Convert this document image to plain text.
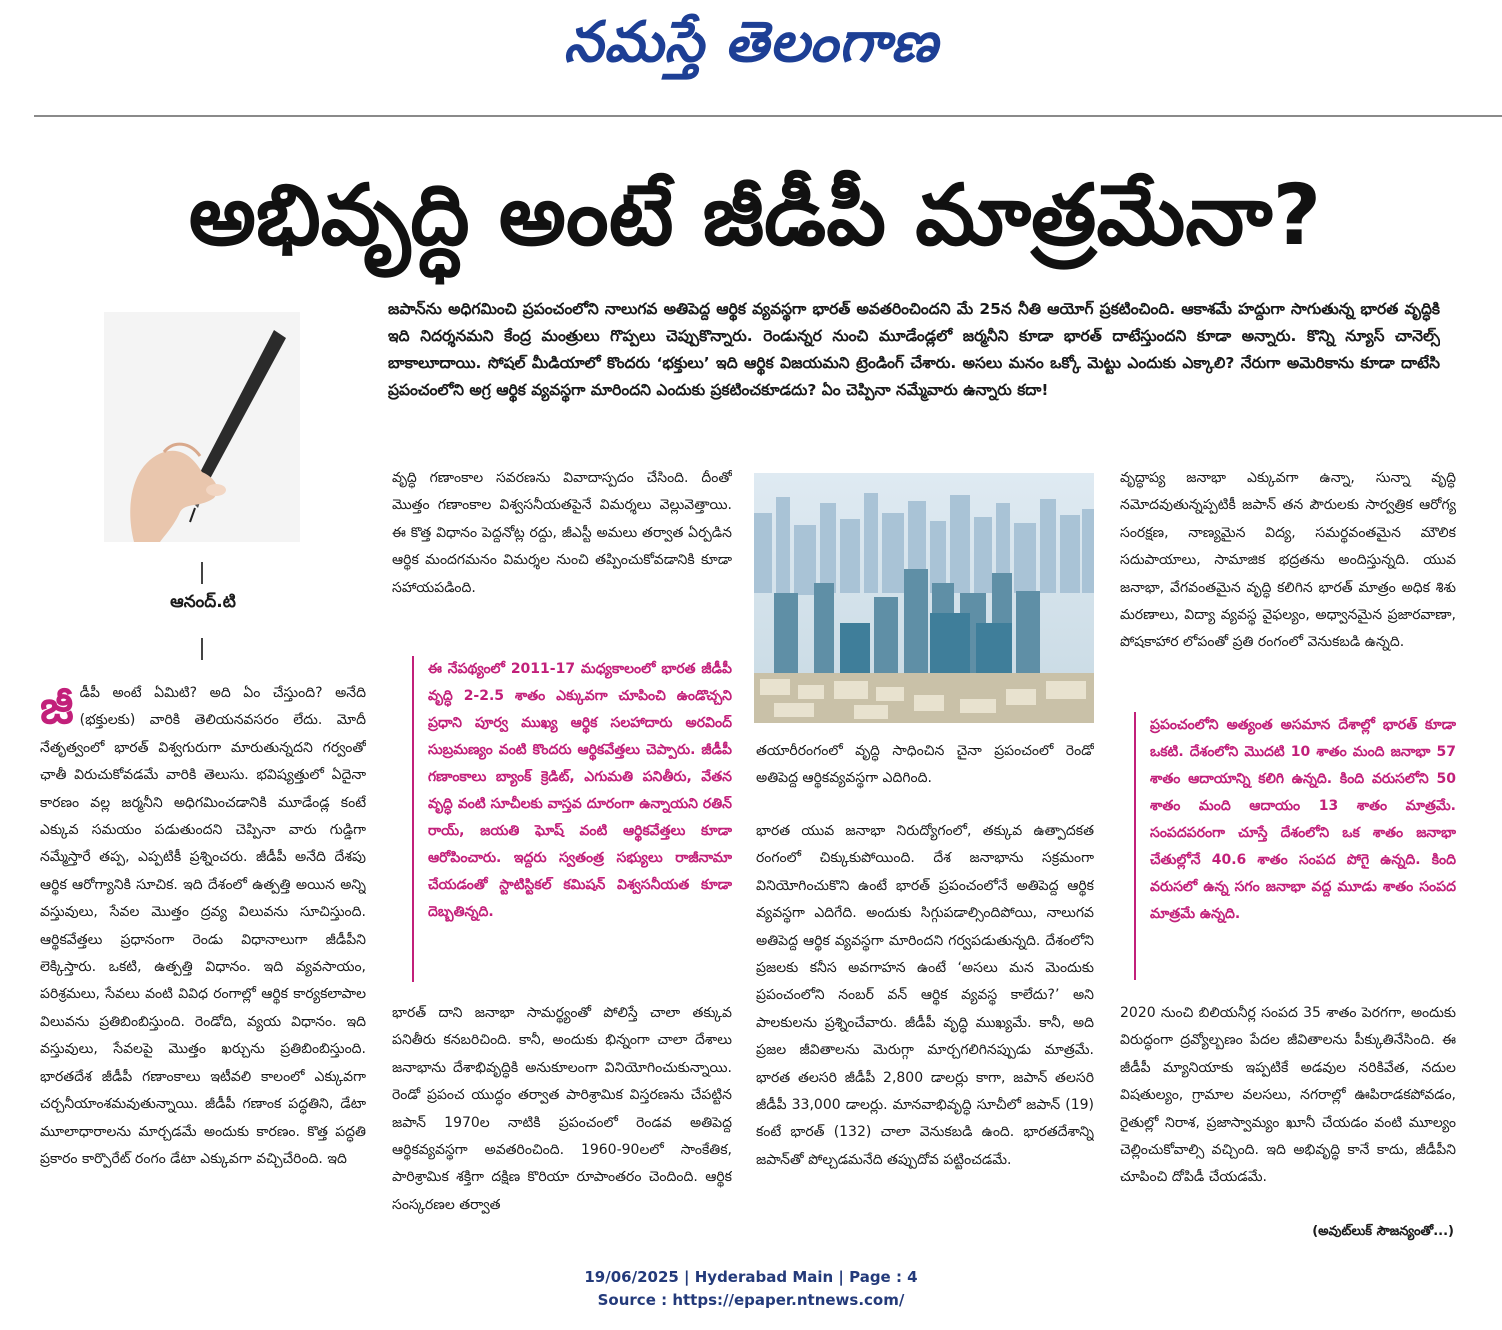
నమస్తే తెలంగాణ
అభివృద్ధి అంటే జీడీపీ మాత్రమేనా?
ఆనంద్.టి
జపాన్‌ను అధిగమించి ప్రపంచంలోని నాలుగవ అతిపెద్ద ఆర్థిక వ్యవస్థగా భారత్ అవతరించిందని మే 25న నీతి ఆయోగ్ ప్రకటించింది. ఆకాశమే హద్దుగా సాగుతున్న భారత వృద్ధికి ఇది నిదర్శనమని కేంద్ర మంత్రులు గొప్పలు చెప్పుకొన్నారు. రెండున్నర నుంచి మూడేండ్లలో జర్మనీని కూడా భారత్ దాటేస్తుందని కూడా అన్నారు. కొన్ని న్యూస్ చానెల్స్ బాకాలూదాయి. సోషల్ మీడియాలో కొందరు ‘భక్తులు’ ఇది ఆర్థిక విజయమని ట్రెండింగ్ చేశారు. అసలు మనం ఒక్కో మెట్టు ఎందుకు ఎక్కాలి? నేరుగా అమెరికాను కూడా దాటేసి ప్రపంచంలోని అగ్ర ఆర్థిక వ్యవస్థగా మారిందని ఎందుకు ప్రకటించకూడదు? ఏం చెప్పినా నమ్మేవారు ఉన్నారు కదా!
జీ డీపీ అంటే ఏమిటి? అది ఏం చేస్తుంది? అనేది (భక్తులకు) వారికి తెలియనవసరం లేదు. మోదీ నేతృత్వంలో భారత్ విశ్వగురుగా మారుతున్నదని గర్వంతో ఛాతీ విరుచుకోవడమే వారికి తెలుసు. భవిష్యత్తులో ఏదైనా కారణం వల్ల జర్మనీని అధిగమించడానికి మూడేండ్ల కంటే ఎక్కువ సమయం పడుతుందని చెప్పినా వారు గుడ్డిగా నమ్మేస్తారే తప్ప, ఎప్పటికీ ప్రశ్నించరు. జీడీపీ అనేది దేశపు ఆర్థిక ఆరోగ్యానికి సూచిక. ఇది దేశంలో ఉత్పత్తి అయిన అన్ని వస్తువులు, సేవల మొత్తం ద్రవ్య విలువను సూచిస్తుంది. ఆర్థికవేత్తలు ప్రధానంగా రెండు విధానాలుగా జీడీపీని లెక్కిస్తారు. ఒకటి, ఉత్పత్తి విధానం. ఇది వ్యవసాయం, పరిశ్రమలు, సేవలు వంటి వివిధ రంగాల్లో ఆర్థిక కార్యకలాపాల విలువను ప్రతిబింబిస్తుంది. రెండోది, వ్యయ విధానం. ఇది వస్తువులు, సేవలపై మొత్తం ఖర్చును ప్రతిబింబిస్తుంది. భారతదేశ జీడీపీ గణాంకాలు ఇటీవలి కాలంలో ఎక్కువగా చర్చనీయాంశమవుతున్నాయి. జీడీపీ గణాంక పద్ధతిని, డేటా మూలాధారాలను మార్చడమే అందుకు కారణం. కొత్త పద్ధతి ప్రకారం కార్పొరేట్ రంగం డేటా ఎక్కువగా వచ్చిచేరింది. ఇది
వృద్ధి గణాంకాల సవరణను వివాదాస్పదం చేసింది. దీంతో మొత్తం గణాంకాల విశ్వసనీయతపైనే విమర్శలు వెల్లువెత్తాయి. ఈ కొత్త విధానం పెద్దనోట్ల రద్దు, జీఎస్టీ అమలు తర్వాత ఏర్పడిన ఆర్థిక మందగమనం విమర్శల నుంచి తప్పించుకోవడానికి కూడా సహాయపడింది.
ఈ నేపథ్యంలో 2011-17 మధ్యకాలంలో భారత జీడీపీ వృద్ధి 2-2.5 శాతం ఎక్కువగా చూపించి ఉండొచ్చని ప్రధాని పూర్వ ముఖ్య ఆర్థిక సలహాదారు అరవింద్ సుబ్రమణ్యం వంటి కొందరు ఆర్థికవేత్తలు చెప్పారు. జీడీపీ గణాంకాలు బ్యాంక్ క్రెడిట్, ఎగుమతి పనితీరు, వేతన వృద్ధి వంటి సూచీలకు వాస్తవ దూరంగా ఉన్నాయని రతిన్ రాయ్, జయతి ఘోష్ వంటి ఆర్థికవేత్తలు కూడా ఆరోపించారు. ఇద్దరు స్వతంత్ర సభ్యులు రాజీనామా చేయడంతో స్టాటిస్టికల్ కమిషన్ విశ్వసనీయత కూడా దెబ్బతిన్నది.
భారత్ దాని జనాభా సామర్థ్యంతో పోలిస్తే చాలా తక్కువ పనితీరు కనబరిచింది. కానీ, అందుకు భిన్నంగా చాలా దేశాలు జనాభాను దేశాభివృద్ధికి అనుకూలంగా వినియోగించుకున్నాయి. రెండో ప్రపంచ యుద్ధం తర్వాత పారిశ్రామిక విస్తరణను చేపట్టిన జపాన్ 1970ల నాటికి ప్రపంచంలో రెండవ అతిపెద్ద ఆర్థికవ్యవస్థగా అవతరించింది. 1960-90లలో సాంకేతిక, పారిశ్రామిక శక్తిగా దక్షిణ కొరియా రూపాంతరం చెందింది. ఆర్థిక సంస్కరణల తర్వాత
తయారీరంగంలో వృద్ధి సాధించిన చైనా ప్రపంచంలో రెండో అతిపెద్ద ఆర్థికవ్యవస్థగా ఎదిగింది.
భారత యువ జనాభా నిరుద్యోగంలో, తక్కువ ఉత్పాదకత రంగంలో చిక్కుకుపోయింది. దేశ జనాభాను సక్రమంగా వినియోగించుకొని ఉంటే భారత్ ప్రపంచంలోనే అతిపెద్ద ఆర్థిక వ్యవస్థగా ఎదిగేది. అందుకు సిగ్గుపడాల్సిందిపోయి, నాలుగవ అతిపెద్ద ఆర్థిక వ్యవస్థగా మారిందని గర్వపడుతున్నది. దేశంలోని ప్రజలకు కనీస అవగాహన ఉంటే ‘అసలు మన మెందుకు ప్రపంచంలోని నంబర్ వన్ ఆర్థిక వ్యవస్థ కాలేదు?’ అని పాలకులను ప్రశ్నించేవారు. జీడీపీ వృద్ధి ముఖ్యమే. కానీ, అది ప్రజల జీవితాలను మెరుగ్గా మార్చగలిగినప్పుడు మాత్రమే. భారత తలసరి జీడీపీ 2,800 డాలర్లు కాగా, జపాన్ తలసరి జీడీపీ 33,000 డాలర్లు. మానవాభివృద్ధి సూచీలో జపాన్ (19) కంటే భారత్ (132) చాలా వెనుకబడి ఉంది. భారతదేశాన్ని జపాన్‌తో పోల్చడమనేది తప్పుదోవ పట్టించడమే.
వృద్ధాప్య జనాభా ఎక్కువగా ఉన్నా, సున్నా వృద్ధి నమోదవుతున్నప్పటికీ జపాన్ తన పౌరులకు సార్వత్రిక ఆరోగ్య సంరక్షణ, నాణ్యమైన విద్య, సమర్థవంతమైన మౌలిక సదుపాయాలు, సామాజిక భద్రతను అందిస్తున్నది. యువ జనాభా, వేగవంతమైన వృద్ధి కలిగిన భారత్ మాత్రం అధిక శిశు మరణాలు, విద్యా వ్యవస్థ వైఫల్యం, అధ్వానమైన ప్రజారవాణా, పోషకాహార లోపంతో ప్రతి రంగంలో వెనుకబడి ఉన్నది.
ప్రపంచంలోని అత్యంత అసమాన దేశాల్లో భారత్ కూడా ఒకటి. దేశంలోని మొదటి 10 శాతం మంది జనాభా 57 శాతం ఆదాయాన్ని కలిగి ఉన్నది. కింది వరుసలోని 50 శాతం మంది ఆదాయం 13 శాతం మాత్రమే. సంపదపరంగా చూస్తే దేశంలోని ఒక శాతం జనాభా చేతుల్లోనే 40.6 శాతం సంపద పోగై ఉన్నది. కింది వరుసలో ఉన్న సగం జనాభా వద్ద మూడు శాతం సంపద మాత్రమే ఉన్నది.
2020 నుంచి బిలియనీర్ల సంపద 35 శాతం పెరగగా, అందుకు విరుద్ధంగా ద్రవ్యోల్బణం పేదల జీవితాలను పీక్కుతినేసింది. ఈ జీడీపీ మ్యానియాకు ఇప్పటికే అడవుల నరికివేత, నదుల విషతుల్యం, గ్రామాల వలసలు, నగరాల్లో ఊపిరాడకపోవడం, రైతుల్లో నిరాశ, ప్రజాస్వామ్యం ఖూనీ చేయడం వంటి మూల్యం చెల్లించుకోవాల్సి వచ్చింది. ఇది అభివృద్ధి కానే కాదు, జీడీపీని చూపించి దోపిడీ చేయడమే.
(అవుట్‌లుక్ సౌజన్యంతో...)
19/06/2025 | Hyderabad Main | Page : 4
Source : https://epaper.ntnews.com/
